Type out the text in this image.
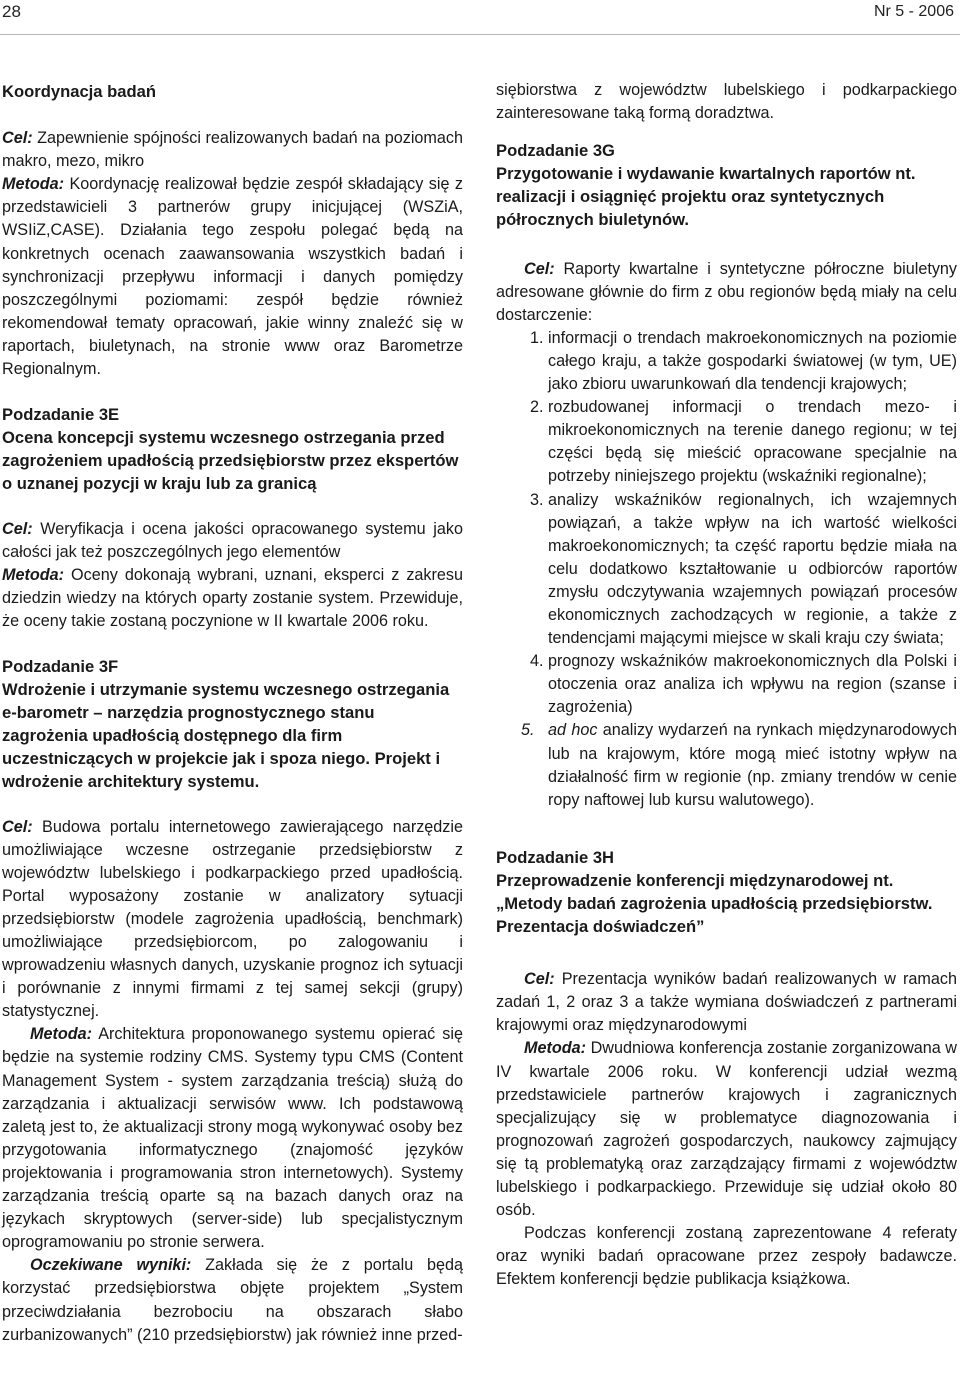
28	Nr 5 - 2006
Koordynacja badań

Cel: Zapewnienie spójności realizowanych badań na poziomach makro, mezo, mikro

Metoda: Koordynację realizował będzie zespół składający się z przedstawicieli 3 partnerów grupy inicjującej (WSZiA, WSIiZ,CASE). Działania tego zespołu polegać będą na konkretnych ocenach zaawansowania wszystkich badań i synchronizacji przepływu informacji i danych pomiędzy poszczególnymi poziomami: zespół będzie również rekomendował tematy opracowań, jakie winny znaleźć się w raportach, biuletynach, na stronie www oraz Barometrze Regionalnym.

Podzadanie 3E
Ocena koncepcji systemu wczesnego ostrzegania przed zagrożeniem upadłością przedsiębiorstw przez ekspertów o uznanej pozycji w kraju lub za granicą

Cel: Weryfikacja i ocena jakości opracowanego systemu jako całości jak też poszczególnych jego elementów

Metoda: Oceny dokonają wybrani, uznani, eksperci z zakresu dziedzin wiedzy na których oparty zostanie system. Przewiduje, że oceny takie zostaną poczynione w II kwartale 2006 roku.

Podzadanie 3F
Wdrożenie i utrzymanie systemu wczesnego ostrzegania e-barometr – narzędzia prognostycznego stanu zagrożenia upadłością dostępnego dla firm uczestniczących w projekcie jak i spoza niego. Projekt i wdrożenie architektury systemu.

Cel: Budowa portalu internetowego zawierającego narzędzie umożliwiające wczesne ostrzeganie przedsiębiorstw z województw lubelskiego i podkarpackiego przed upadłością. Portal wyposażony zostanie w analizatory sytuacji przedsiębiorstw (modele zagrożenia upadłością, benchmark) umożliwiające przedsiębiorcom, po zalogowaniu i wprowadzeniu własnych danych, uzyskanie prognoz ich sytuacji i porównanie z innymi firmami z tej samej sekcji (grupy) statystycznej.

Metoda: Architektura proponowanego systemu opierać się będzie na systemie rodziny CMS. Systemy typu CMS (Content Management System - system zarządzania treścią) służą do zarządzania i aktualizacji serwisów www. Ich podstawową zaletą jest to, że aktualizacji strony mogą wykonywać osoby bez przygotowania informatycznego (znajomość języków projektowania i programowania stron internetowych). Systemy zarządzania treścią oparte są na bazach danych oraz na językach skryptowych (server-side) lub specjalistycznym oprogramowaniu po stronie serwera.

Oczekiwane wyniki: Zakłada się że z portalu będą korzystać przedsiębiorstwa objęte projektem „System przeciwdziałania bezrobociu na obszarach słabo zurbanizowanych” (210 przedsiębiorstw) jak również inne przed-

siębiorstwa z województw lubelskiego i podkarpackiego zainteresowane taką formą doradztwa.

Podzadanie 3G
Przygotowanie i wydawanie kwartalnych raportów nt. realizacji i osiągnięć projektu oraz syntetycznych półrocznych biuletynów.

Cel: Raporty kwartalne i syntetyczne półroczne biuletyny adresowane głównie do firm z obu regionów będą miały na celu dostarczenie:

1. informacji o trendach makroekonomicznych na poziomie całego kraju, a także gospodarki światowej (w tym, UE) jako zbioru uwarunkowań dla tendencji krajowych;
2. rozbudowanej informacji o trendach mezo- i mikroekonomicznych na terenie danego regionu; w tej części będą się mieścić opracowane specjalnie na potrzeby niniejszego projektu (wskaźniki regionalne);
3. analizy wskaźników regionalnych, ich wzajemnych powiązań, a także wpływ na ich wartość wielkości makroekonomicznych; ta część raportu będzie miała na celu dodatkowo kształtowanie u odbiorców raportów zmysłu odczytywania wzajemnych powiązań procesów ekonomicznych zachodzących w regionie, a także z tendencjami mającymi miejsce w skali kraju czy świata;
4. prognozy wskaźników makroekonomicznych dla Polski i otoczenia oraz analiza ich wpływu na region (szanse i zagrożenia)
5. ad hoc analizy wydarzeń na rynkach międzynarodowych lub na krajowym, które mogą mieć istotny wpływ na działalność firm w regionie (np. zmiany trendów w cenie ropy naftowej lub kursu walutowego).
Podzadanie 3H
Przeprowadzenie konferencji międzynarodowej nt. „Metody badań zagrożenia upadłością przedsiębiorstw. Prezentacja doświadczeń”

Cel: Prezentacja wyników badań realizowanych w ramach zadań 1, 2 oraz 3 a także wymiana doświadczeń z partnerami krajowymi oraz międzynarodowymi

Metoda: Dwudniowa konferencja zostanie zorganizowana w IV kwartale 2006 roku. W konferencji udział wezmą przedstawiciele partnerów krajowych i zagranicznych specjalizujący się w problematyce diagnozowania i prognozowań zagrożeń gospodarczych, naukowcy zajmujący się tą problematyką oraz zarządzający firmami z województw lubelskiego i podkarpackiego. Przewiduje się udział około 80 osób.

Podczas konferencji zostaną zaprezentowane 4 referaty oraz wyniki badań opracowane przez zespoły badawcze. Efektem konferencji będzie publikacja książkowa.
